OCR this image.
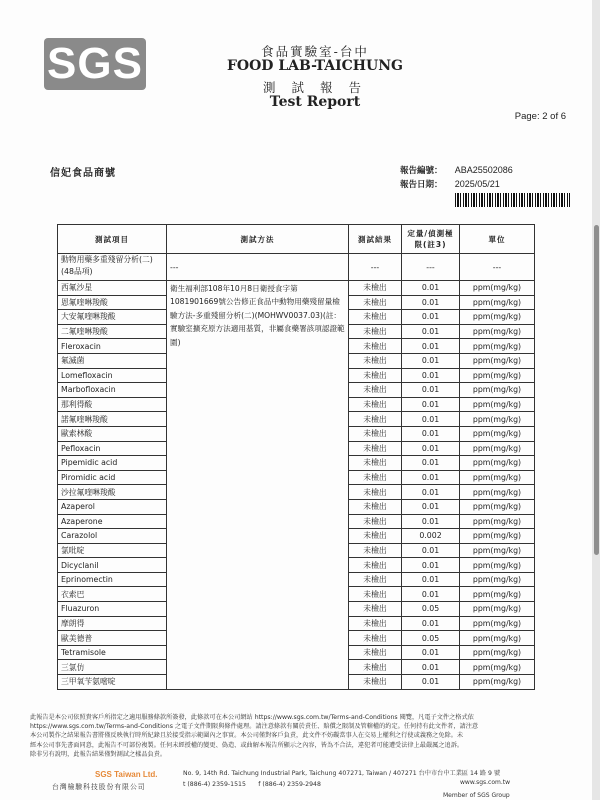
SGS	食品實驗室-台中
FOOD LAB-TAICHUNG
測 試 報 告
Test Report
Page: 2 of 6
信妃食品商號	報告編號： ABA25502086
報告日期： 2025/05/21
測試項目	測試方法	測試結果	定量/偵測極限(註3)	單位
動物用藥多重殘留分析(二)(48品項)	---	---	---	---
西氟沙星	衛生福利部108年10月8日衛授食字第1081901669號公告修正食品中動物用藥殘留量檢驗方法-多重殘留分析(二)(MOHWV0037.03)(註：實驗室擴充原方法適用基質，非屬食藥署該項認證範圍)	未檢出	0.01	ppm(mg/kg)
恩氟喹啉羧酸		未檢出	0.01	ppm(mg/kg)
大安氟喹啉羧酸		未檢出	0.01	ppm(mg/kg)
二氟喹啉羧酸		未檢出	0.01	ppm(mg/kg)
Fleroxacin		未檢出	0.01	ppm(mg/kg)
氟滅菌		未檢出	0.01	ppm(mg/kg)
Lomefloxacin		未檢出	0.01	ppm(mg/kg)
Marbofloxacin		未檢出	0.01	ppm(mg/kg)
那利得酸		未檢出	0.01	ppm(mg/kg)
諾氟喹啉羧酸		未檢出	0.01	ppm(mg/kg)
歐索林酸		未檢出	0.01	ppm(mg/kg)
Pefloxacin		未檢出	0.01	ppm(mg/kg)
Pipemidic acid		未檢出	0.01	ppm(mg/kg)
Piromidic acid		未檢出	0.01	ppm(mg/kg)
沙拉氟喹啉羧酸		未檢出	0.01	ppm(mg/kg)
Azaperol		未檢出	0.01	ppm(mg/kg)
Azaperone		未檢出	0.01	ppm(mg/kg)
Carazolol		未檢出	0.002	ppm(mg/kg)
氯吡啶		未檢出	0.01	ppm(mg/kg)
Dicyclanil		未檢出	0.01	ppm(mg/kg)
Eprinomectin		未檢出	0.01	ppm(mg/kg)
衣索巴		未檢出	0.01	ppm(mg/kg)
Fluazuron		未檢出	0.05	ppm(mg/kg)
摩朗得		未檢出	0.01	ppm(mg/kg)
歐美德普		未檢出	0.05	ppm(mg/kg)
Tetramisole		未檢出	0.01	ppm(mg/kg)
三氯仿		未檢出	0.01	ppm(mg/kg)
三甲氧苄氨嘧啶		未檢出	0.01	ppm(mg/kg)
此報告是本公司依照貴客戶所指定之適用服務條款所簽發，此條款可在本公司網站 https://www.sgs.com.tw/Terms-and-Conditions 閱覽，凡電子文件之格式依
https://www.sgs.com.tw/Terms-and-Conditions 之電子文件期限與條件處理。請注意條款有關於責任、賠償之限制及管轄權的約定。任何持有此文件者，請注意
本公司製作之結果報告書將僅反映執行時所紀錄且於接受指示範圍內之事實。本公司僅對客戶負責，此文件不妨礙當事人在交易上權利之行使或義務之免除。未
經本公司事先書面同意，此報告不可部份複製。任何未經授權的變更、偽造、或曲解本報告所顯示之內容，皆為不合法，違犯者可能遭受法律上最嚴厲之追訴。
除非另有說明，此報告結果僅對測試之樣品負責。
SGS Taiwan Ltd.
台灣檢驗科技股份有限公司
No. 9, 14th Rd. Taichung Industrial Park, Taichung 407271, Taiwan / 407271 台中市台中工業區 14 路 9 號
t (886-4) 2359-1515　　f (886-4) 2359-2948	www.sgs.com.tw
Member of SGS Group
